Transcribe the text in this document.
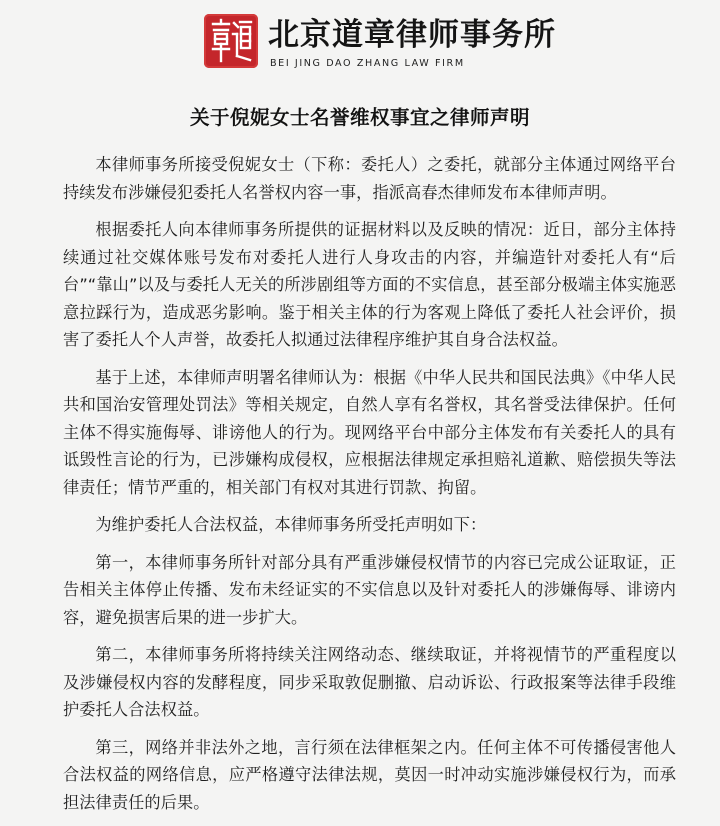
北京道章律师事务所
BEI JING DAO ZHANG LAW FIRM
关于倪妮女士名誉维权事宜之律师声明

本律师事务所接受倪妮女士（下称：委托人）之委托，就部分主体通过网络平台持续发布涉嫌侵犯委托人名誉权内容一事，指派高春杰律师发布本律师声明。

根据委托人向本律师事务所提供的证据材料以及反映的情况：近日，部分主体持续通过社交媒体账号发布对委托人进行人身攻击的内容，并编造针对委托人有“后台”“靠山”以及与委托人无关的所涉剧组等方面的不实信息，甚至部分极端主体实施恶意拉踩行为，造成恶劣影响。鉴于相关主体的行为客观上降低了委托人社会评价，损害了委托人个人声誉，故委托人拟通过法律程序维护其自身合法权益。

基于上述，本律师声明署名律师认为：根据《中华人民共和国民法典》《中华人民共和国治安管理处罚法》等相关规定，自然人享有名誉权，其名誉受法律保护。任何主体不得实施侮辱、诽谤他人的行为。现网络平台中部分主体发布有关委托人的具有诋毁性言论的行为，已涉嫌构成侵权，应根据法律规定承担赔礼道歉、赔偿损失等法律责任；情节严重的，相关部门有权对其进行罚款、拘留。

为维护委托人合法权益，本律师事务所受托声明如下：

第一，本律师事务所针对部分具有严重涉嫌侵权情节的内容已完成公证取证，正告相关主体停止传播、发布未经证实的不实信息以及针对委托人的涉嫌侮辱、诽谤内容，避免损害后果的进一步扩大。

第二，本律师事务所将持续关注网络动态、继续取证，并将视情节的严重程度以及涉嫌侵权内容的发酵程度，同步采取敦促删撤、启动诉讼、行政报案等法律手段维护委托人合法权益。

第三，网络并非法外之地，言行须在法律框架之内。任何主体不可传播侵害他人合法权益的网络信息，应严格遵守法律法规，莫因一时冲动实施涉嫌侵权行为，而承担法律责任的后果。
